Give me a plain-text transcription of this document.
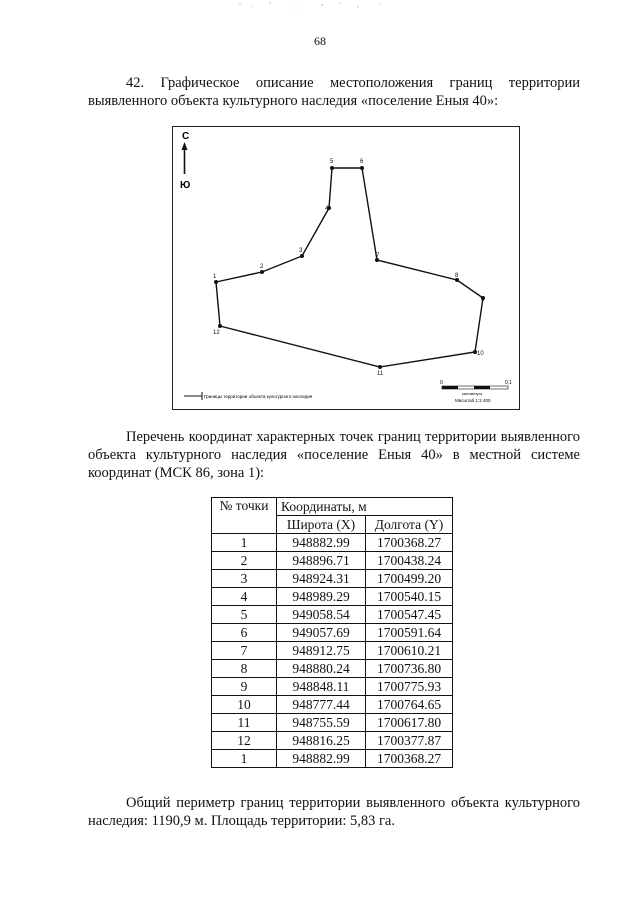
68
42. Графическое описание местоположения границ территории выявленного объекта культурного наследия «поселение Еныя 40»:
С
Ю
1
2
3
4
5	6
7
8
9
10
11
12
Границы территории объекта культурного наследия
0	0,1
километры
Масштаб 1:2 400
Перечень координат характерных точек границ территории выявленного объекта культурного наследия «поселение Еныя 40» в местной системе координат (МСК 86, зона 1):
№ точки	Координаты, м	
	Широта (X)	Долгота (Y)
1	948882.99	1700368.27
2	948896.71	1700438.24
3	948924.31	1700499.20
4	948989.29	1700540.15
5	949058.54	1700547.45
6	949057.69	1700591.64
7	948912.75	1700610.21
8	948880.24	1700736.80
9	948848.11	1700775.93
10	948777.44	1700764.65
11	948755.59	1700617.80
12	948816.25	1700377.87
1	948882.99	1700368.27
Общий периметр границ территории выявленного объекта культурного наследия: 1190,9 м. Площадь территории: 5,83 га.
